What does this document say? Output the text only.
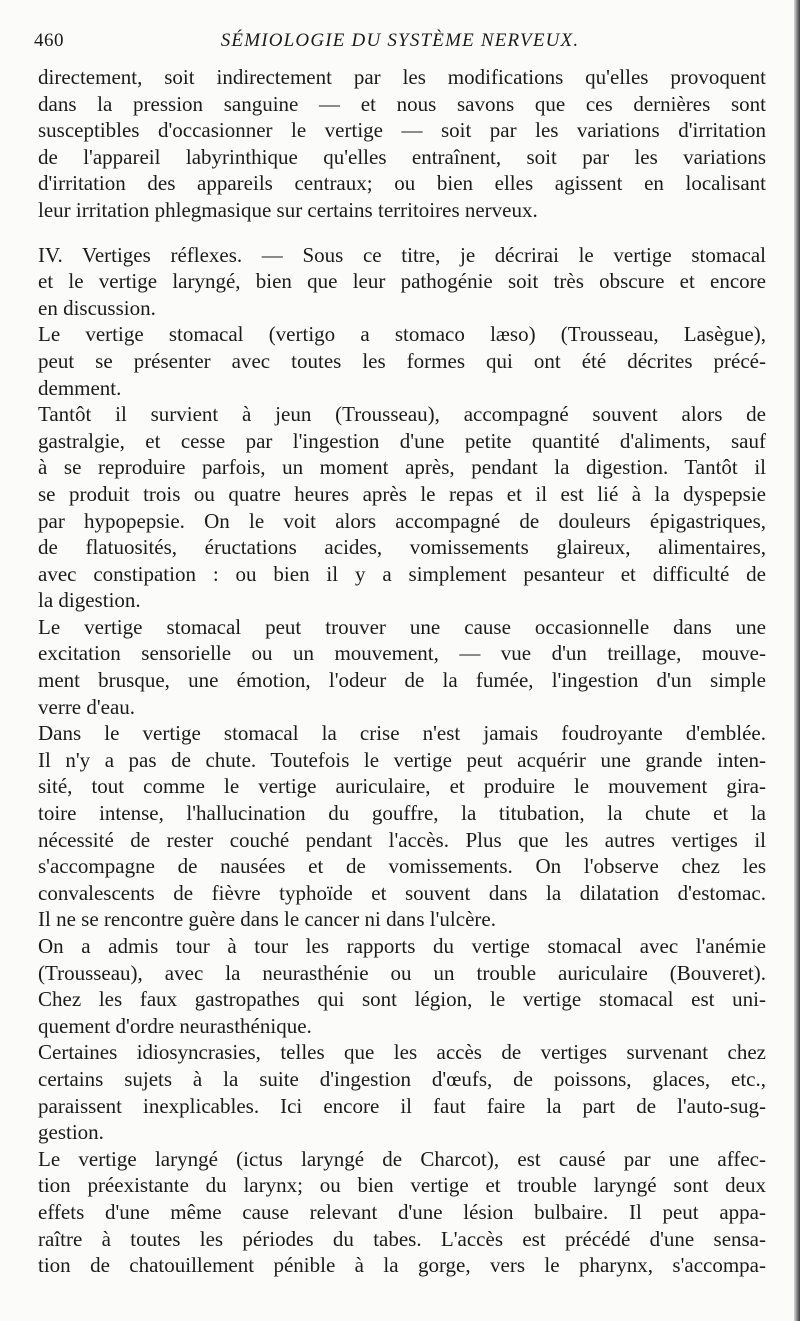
460	SÉMIOLOGIE DU SYSTÈME NERVEUX.
directement, soit indirectement par les modifications qu'elles provoquent
dans la pression sanguine — et nous savons que ces dernières sont
susceptibles d'occasionner le vertige — soit par les variations d'irritation
de l'appareil labyrinthique qu'elles entraînent, soit par les variations
d'irritation des appareils centraux; ou bien elles agissent en localisant
leur irritation phlegmasique sur certains territoires nerveux.
IV. Vertiges réflexes. — Sous ce titre, je décrirai le vertige stomacal
et le vertige laryngé, bien que leur pathogénie soit très obscure et encore
en discussion.
Le vertige stomacal (vertigo a stomaco læso) (Trousseau, Lasègue),
peut se présenter avec toutes les formes qui ont été décrites précé-
demment.
Tantôt il survient à jeun (Trousseau), accompagné souvent alors de
gastralgie, et cesse par l'ingestion d'une petite quantité d'aliments, sauf
à se reproduire parfois, un moment après, pendant la digestion. Tantôt il
se produit trois ou quatre heures après le repas et il est lié à la dyspepsie
par hypopepsie. On le voit alors accompagné de douleurs épigastriques,
de flatuosités, éructations acides, vomissements glaireux, alimentaires,
avec constipation : ou bien il y a simplement pesanteur et difficulté de
la digestion.
Le vertige stomacal peut trouver une cause occasionnelle dans une
excitation sensorielle ou un mouvement, — vue d'un treillage, mouve-
ment brusque, une émotion, l'odeur de la fumée, l'ingestion d'un simple
verre d'eau.
Dans le vertige stomacal la crise n'est jamais foudroyante d'emblée.
Il n'y a pas de chute. Toutefois le vertige peut acquérir une grande inten-
sité, tout comme le vertige auriculaire, et produire le mouvement gira-
toire intense, l'hallucination du gouffre, la titubation, la chute et la
nécessité de rester couché pendant l'accès. Plus que les autres vertiges il
s'accompagne de nausées et de vomissements. On l'observe chez les
convalescents de fièvre typhoïde et souvent dans la dilatation d'estomac.
Il ne se rencontre guère dans le cancer ni dans l'ulcère.
On a admis tour à tour les rapports du vertige stomacal avec l'anémie
(Trousseau), avec la neurasthénie ou un trouble auriculaire (Bouveret).
Chez les faux gastropathes qui sont légion, le vertige stomacal est uni-
quement d'ordre neurasthénique.
Certaines idiosyncrasies, telles que les accès de vertiges survenant chez
certains sujets à la suite d'ingestion d'œufs, de poissons, glaces, etc.,
paraissent inexplicables. Ici encore il faut faire la part de l'auto-sug-
gestion.
Le vertige laryngé (ictus laryngé de Charcot), est causé par une affec-
tion préexistante du larynx; ou bien vertige et trouble laryngé sont deux
effets d'une même cause relevant d'une lésion bulbaire. Il peut appa-
raître à toutes les périodes du tabes. L'accès est précédé d'une sensa-
tion de chatouillement pénible à la gorge, vers le pharynx, s'accompa-
